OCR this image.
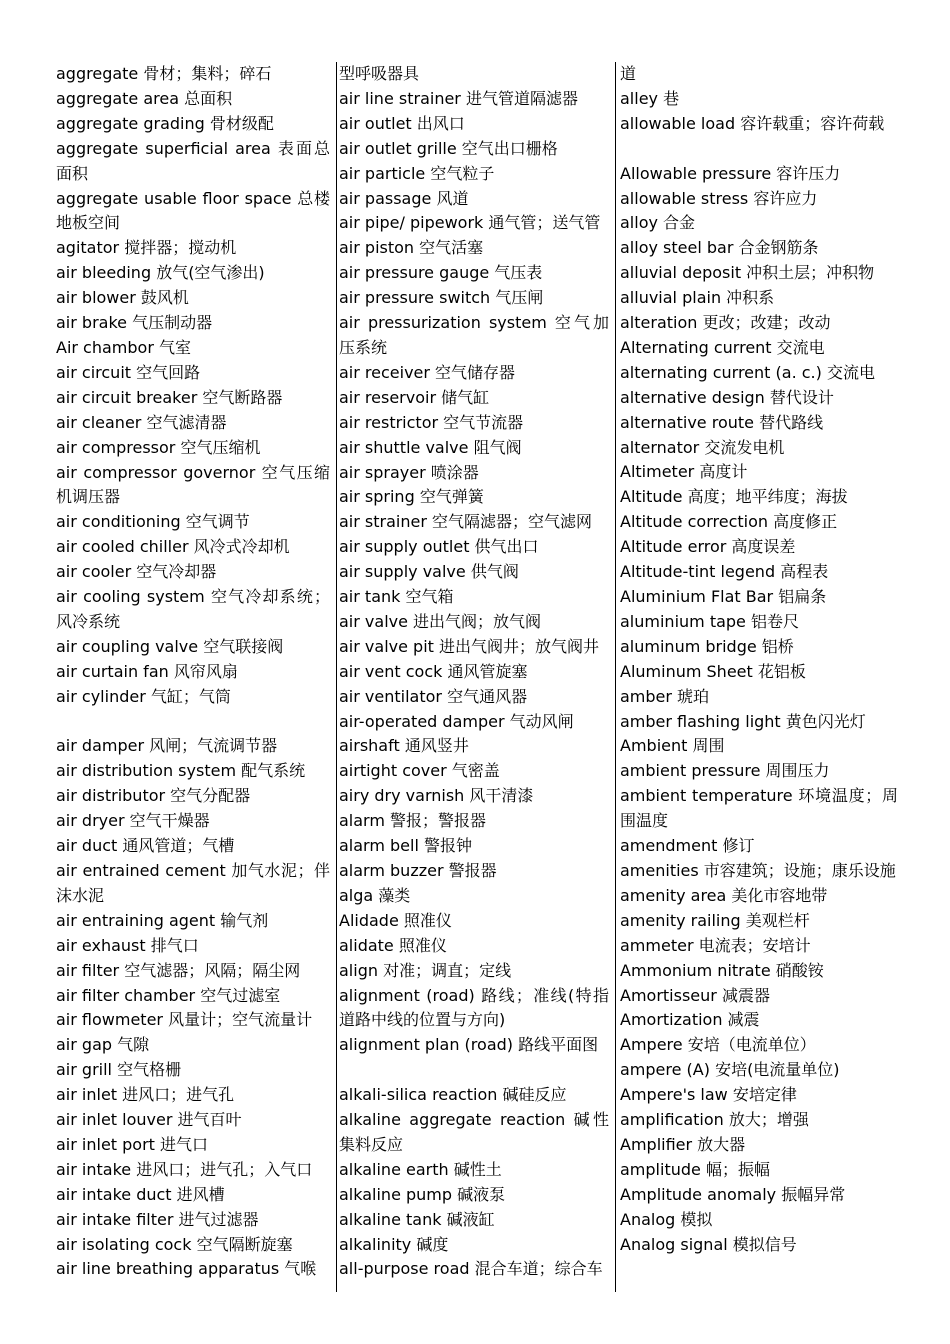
aggregate 骨材；集料；碎石
aggregate area 总面积
aggregate grading 骨材级配
aggregate superficial area 表面总面积
aggregate usable floor space 总楼地板空间
agitator 搅拌器；搅动机
air bleeding 放气(空气渗出)
air blower 鼓风机
air brake 气压制动器
Air chambor 气室
air circuit 空气回路
air circuit breaker 空气断路器
air cleaner 空气滤清器
air compressor 空气压缩机
air compressor governor 空气压缩机调压器
air conditioning 空气调节
air cooled chiller 风冷式冷却机
air cooler 空气冷却器
air cooling system 空气冷却系统；风冷系统
air coupling valve 空气联接阀
air curtain fan 风帘风扇
air cylinder 气缸；气筒
air damper 风闸；气流调节器
air distribution system 配气系统
air distributor 空气分配器
air dryer 空气干燥器
air duct 通风管道；气槽
air entrained cement 加气水泥；伴沫水泥
air entraining agent 输气剂
air exhaust 排气口
air filter 空气滤器；风隔；隔尘网
air filter chamber 空气过滤室
air flowmeter 风量计；空气流量计
air gap 气隙
air grill 空气格栅
air inlet 进风口；进气孔
air inlet louver 进气百叶
air inlet port 进气口
air intake 进风口；进气孔；入气口
air intake duct 进风槽
air intake filter 进气过滤器
air isolating cock 空气隔断旋塞
air line breathing apparatus 气喉
型呼吸器具
air line strainer 进气管道隔滤器
air outlet 出风口
air outlet grille 空气出口栅格
air particle 空气粒子
air passage 风道
air pipe/ pipework 通气管；送气管
air piston 空气活塞
air pressure gauge 气压表
air pressure switch 气压闸
air pressurization system 空气加压系统
air receiver 空气储存器
air reservoir 储气缸
air restrictor 空气节流器
air shuttle valve 阻气阀
air sprayer 喷涂器
air spring 空气弹簧
air strainer 空气隔滤器；空气滤网
air supply outlet 供气出口
air supply valve 供气阀
air tank 空气箱
air valve 进出气阀；放气阀
air valve pit 进出气阀井；放气阀井
air vent cock 通风管旋塞
air ventilator 空气通风器
air-operated damper 气动风闸
airshaft 通风竖井
airtight cover 气密盖
airy dry varnish 风干清漆
alarm 警报；警报器
alarm bell 警报钟
alarm buzzer 警报器
alga 藻类
Alidade 照准仪
alidate 照准仪
align 对准；调直；定线
alignment (road) 路线；准线(特指道路中线的位置与方向)
alignment plan (road) 路线平面图
alkali-silica reaction 碱硅反应
alkaline aggregate reaction 碱性集料反应
alkaline earth 碱性土
alkaline pump 碱液泵
alkaline tank 碱液缸
alkalinity 碱度
all-purpose road 混合车道；综合车
道
alley 巷
allowable load 容许载重；容许荷载
Allowable pressure 容许压力
allowable stress 容许应力
alloy 合金
alloy steel bar 合金钢筋条
alluvial deposit 冲积土层；冲积物
alluvial plain 冲积系
alteration 更改；改建；改动
Alternating current 交流电
alternating current (a. c.) 交流电
alternative design 替代设计
alternative route 替代路线
alternator 交流发电机
Altimeter 高度计
Altitude 高度；地平纬度；海拔
Altitude correction 高度修正
Altitude error 高度误差
Altitude-tint legend 高程表
Aluminium Flat Bar 铝扁条
aluminium tape 铝卷尺
aluminum bridge 铝桥
Aluminum Sheet 花铝板
amber 琥珀
amber flashing light 黄色闪光灯
Ambient 周围
ambient pressure 周围压力
ambient temperature 环境温度；周围温度
amendment 修订
amenities 市容建筑；设施；康乐设施
amenity area 美化市容地带
amenity railing 美观栏杆
ammeter 电流表；安培计
Ammonium nitrate 硝酸铵
Amortisseur 减震器
Amortization 减震
Ampere 安培（电流单位）
ampere (A) 安培(电流量单位)
Ampere's law 安培定律
amplification 放大；增强
Amplifier 放大器
amplitude 幅；振幅
Amplitude anomaly 振幅异常
Analog 模拟
Analog signal 模拟信号
